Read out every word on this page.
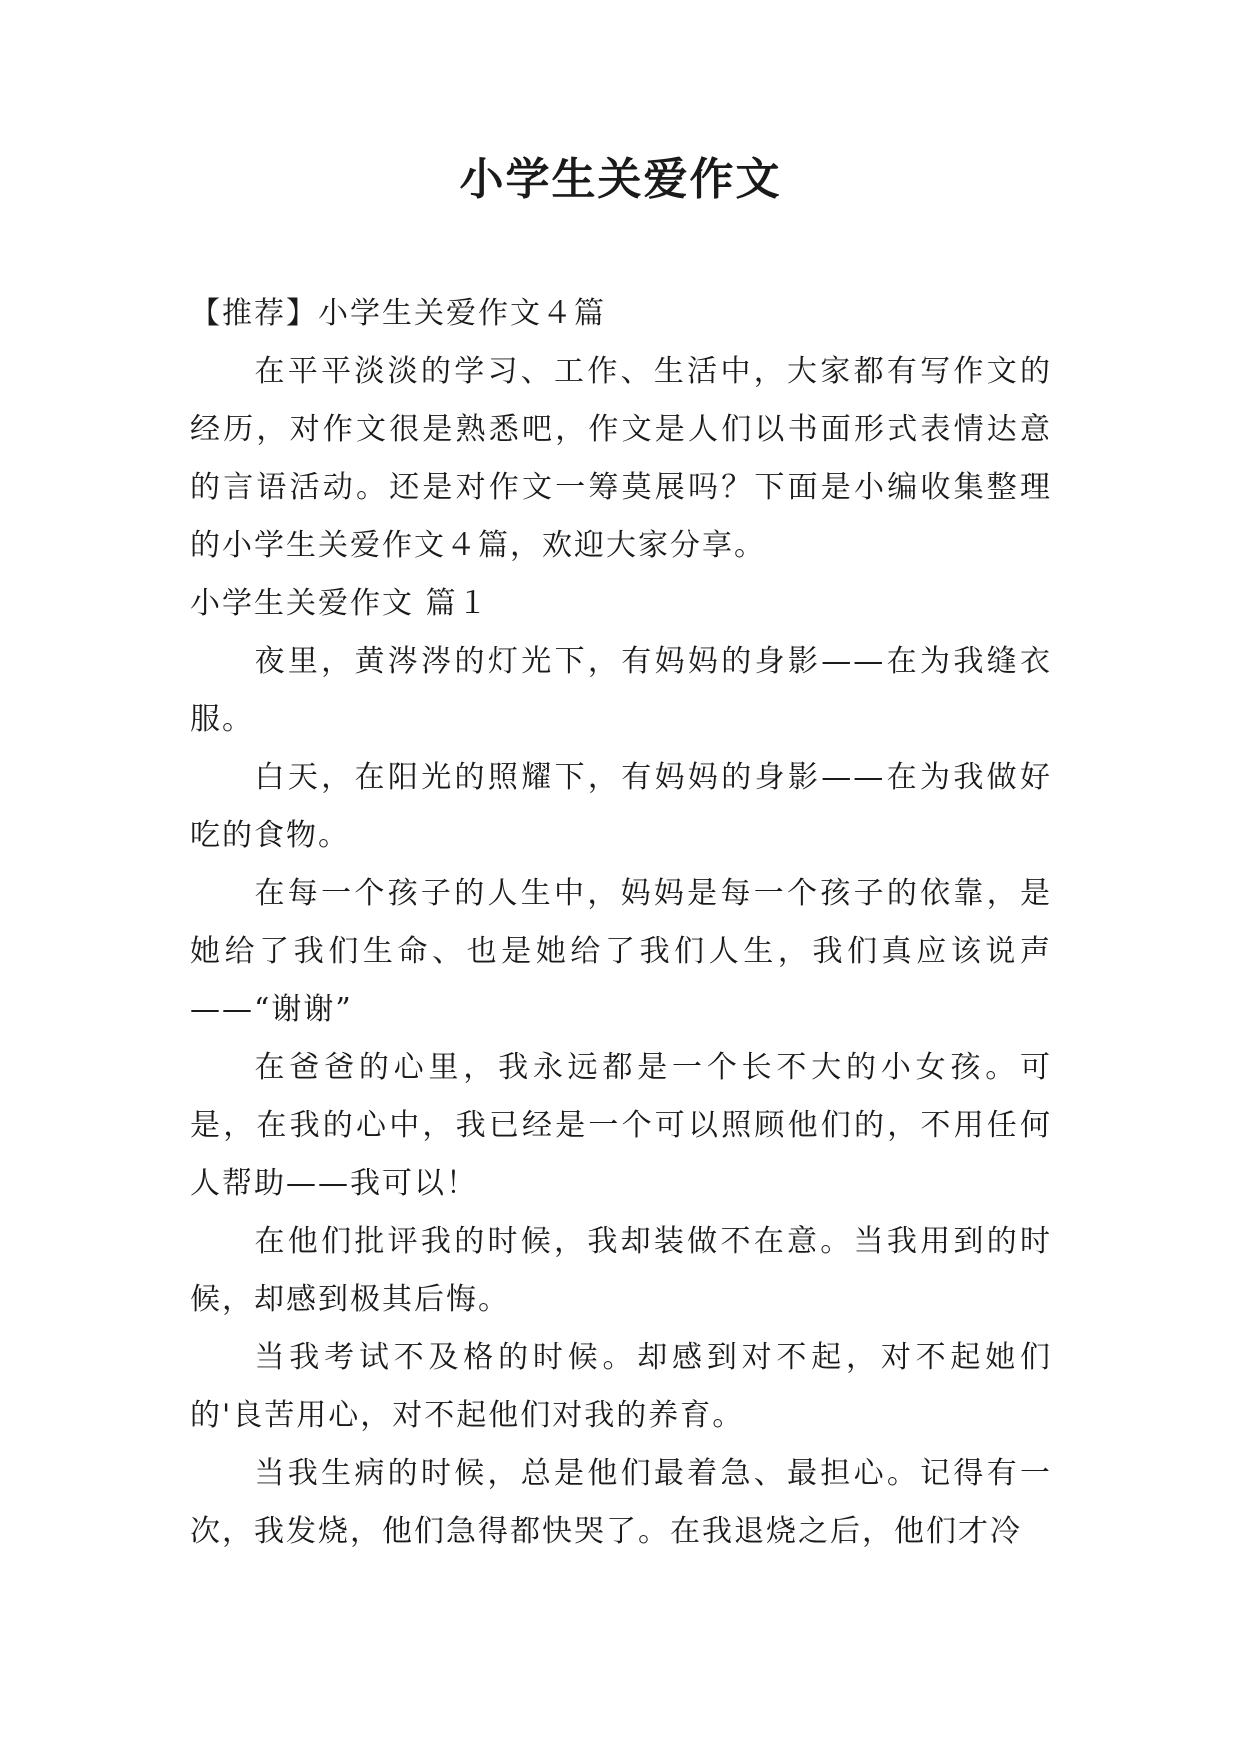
小学生关爱作文

【推荐】小学生关爱作文４篇

在平平淡淡的学习、工作、生活中，大家都有写作文的经历，对作文很是熟悉吧，作文是人们以书面形式表情达意的言语活动。还是对作文一筹莫展吗？下面是小编收集整理的小学生关爱作文４篇，欢迎大家分享。

小学生关爱作文 篇１

夜里，黄涔涔的灯光下，有妈妈的身影——在为我缝衣服。

白天，在阳光的照耀下，有妈妈的身影——在为我做好吃的食物。

在每一个孩子的人生中，妈妈是每一个孩子的依靠，是她给了我们生命、也是她给了我们人生，我们真应该说声——“谢谢”

在爸爸的心里，我永远都是一个长不大的小女孩。可是，在我的心中，我已经是一个可以照顾他们的，不用任何人帮助——我可以！

在他们批评我的时候，我却装做不在意。当我用到的时候，却感到极其后悔。

当我考试不及格的时候。却感到对不起，对不起她们的'良苦用心，对不起他们对我的养育。

当我生病的时候，总是他们最着急、最担心。记得有一次，我发烧，他们急得都快哭了。在我退烧之后，他们才冷
